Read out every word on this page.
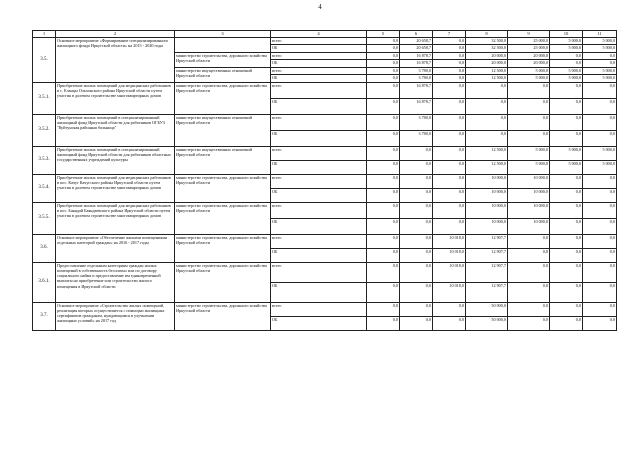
4
1	2	3	4	5	6	7	8	9	10	11
3.5.	Основное мероприятие «Формирование специализированного жилищного фонда Иркутской области» на 2015 - 2020 годы		всего	0,0	20 658,7	0,0	32 500,0	25 000,0	5 000,0	5 000,0
			ОБ	0,0	20 658,7	0,0	32 500,0	25 000,0	5 000,0	5 000,0
		министерство строительства, дорожного хозяйства Иркутской области	всего	0,0	16 878,7	0,0	20 000,0	20 000,0	0,0	0,0
			ОБ	0,0	16 878,7	0,0	20 000,0	20 000,0	0,0	0,0
		министерство имущественных отношений Иркутской области	всего	0,0	3 780,0	0,0	12 500,0	5 000,0	5 000,0	5 000,0
			ОБ	0,0	3 780,0	0,0	12 500,0	5 000,0	5 000,0	5 000,0
3.5.1.	Приобретение жилых помещений для медицинских работников в с. Еланцы Ольхонского района Иркутской области путем участия в долевом строительстве многоквартирных домов	министерство строительства, дорожного хозяйства Иркутской области	всего	0,0	16 878,7	0,0	0,0	0,0	0,0	0,0
			ОБ	0,0	16 878,7	0,0	0,0	0,0	0,0	0,0
3.5.2.	Приобретение жилых помещений в специализированный жилищный фонд Иркутской области для работников ОГБУЗ "Куйтунская районная больница"	министерство имущественных отношений Иркутской области	всего	0,0	3 780,0	0,0	0,0	0,0	0,0	0,0
			ОБ	0,0	3 780,0	0,0	0,0	0,0	0,0	0,0
3.5.3.	Приобретение жилых помещений в специализированный жилищный фонд Иркутской области для работников областных государственных учреждений культуры	министерство имущественных отношений Иркутской области	всего	0,0	0,0	0,0	12 500,0	5 000,0	5 000,0	5 000,0
			ОБ	0,0	0,0	0,0	12 500,0	5 000,0	5 000,0	5 000,0
3.5.4.	Приобретение жилых помещений для медицинских работников в пос. Качуг Качугского района Иркутской области путем участия в долевом строительстве многоквартирных домов	министерство строительства, дорожного хозяйства Иркутской области	всего	0,0	0,0	0,0	10 000,0	10 000,0	0,0	0,0
			ОБ	0,0	0,0	0,0	10 000,0	10 000,0	0,0	0,0
3.5.5.	Приобретение жилых помещений для медицинских работников в пос. Баяндай Баяндаевского района Иркутской области путем участия в долевом строительстве многоквартирных домов	министерство строительства, дорожного хозяйства Иркутской области	всего	0,0	0,0	0,0	10 000,0	10 000,0	0,0	0,0
			ОБ	0,0	0,0	0,0	10 000,0	10 000,0	0,0	0,0
3.6.	Основное мероприятие «Обеспечение жилыми помещениями отдельных категорий граждан» на 2016 - 2017 годы	министерство строительства, дорожного хозяйства Иркутской области	всего	0,0	0,0	10 018,0	12 907,7	0,0	0,0	0,0
			ОБ	0,0	0,0	10 018,0	12 907,7	0,0	0,0	0,0
3.6.1.	Предоставление отдельным категориям граждан жилых помещений в собственность бесплатно или по договору социального найма и предоставление им единовременной выплаты на приобретение или строительство жилого помещения в Иркутской области	министерство строительства, дорожного хозяйства Иркутской области	всего	0,0	0,0	10 018,0	12 907,7	0,0	0,0	0,0
			ОБ	0,0	0,0	10 018,0	12 907,7	0,0	0,0	0,0
3.7.	Основное мероприятие «Строительство жилых помещений, реализация которых осуществляется с помощью жилищных сертификатов гражданам, нуждающимся в улучшении жилищных условий» на 2017 год	министерство строительства, дорожного хозяйства Иркутской области	всего	0,0	0,0	0,0	50 000,0	0,0	0,0	0,0
			ОБ	0,0	0,0	0,0	50 000,0	0,0	0,0	0,0
